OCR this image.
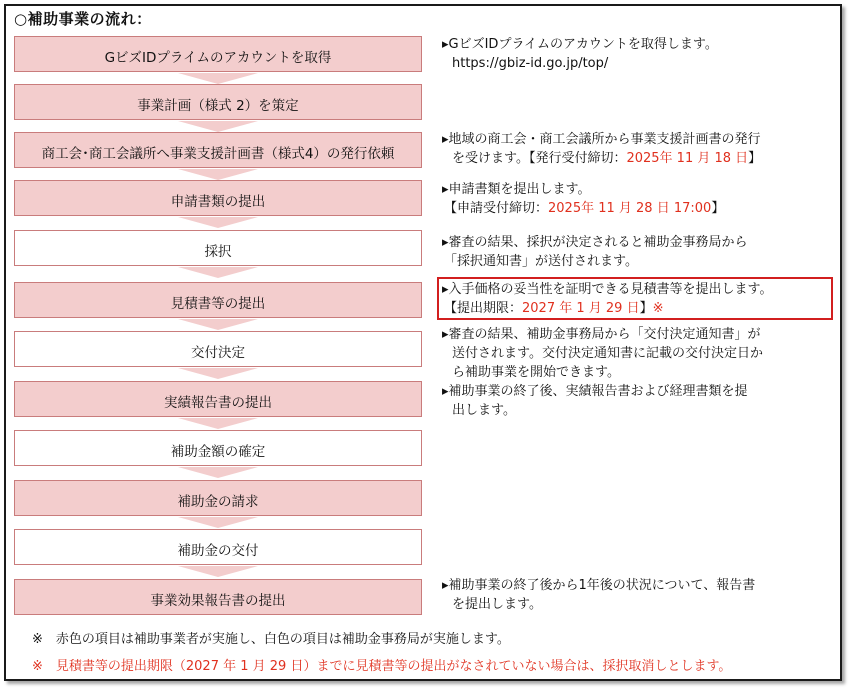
○補助事業の流れ：
GビズIDプライムのアカウントを取得
事業計画（様式 2）を策定
商工会･商工会議所へ事業支援計画書（様式4）の発行依頼
申請書類の提出
採択
見積書等の提出
交付決定
実績報告書の提出
補助金額の確定
補助金の請求
補助金の交付
事業効果報告書の提出
▸GビズIDプライムのアカウントを取得します。
https://gbiz-id.go.jp/top/
▸地域の商工会・商工会議所から事業支援計画書の発行
を受けます。【発行受付締切：2025年 11 月 18 日】
▸申請書類を提出します。
【申請受付締切：2025年 11 月 28 日 17:00】
▸審査の結果、採択が決定されると補助金事務局から
「採択通知書」が送付されます。
▸入手価格の妥当性を証明できる見積書等を提出します。
【提出期限：2027 年 1 月 29 日】※
▸審査の結果、補助金事務局から「交付決定通知書」が
送付されます。交付決定通知書に記載の交付決定日か
ら補助事業を開始できます。
▸補助事業の終了後、実績報告書および経理書類を提
出します。
▸補助事業の終了後から1年後の状況について、報告書
を提出します。
※　赤色の項目は補助事業者が実施し、白色の項目は補助金事務局が実施します。
※　見積書等の提出期限（2027 年 1 月 29 日）までに見積書等の提出がなされていない場合は、採択取消しとします。
